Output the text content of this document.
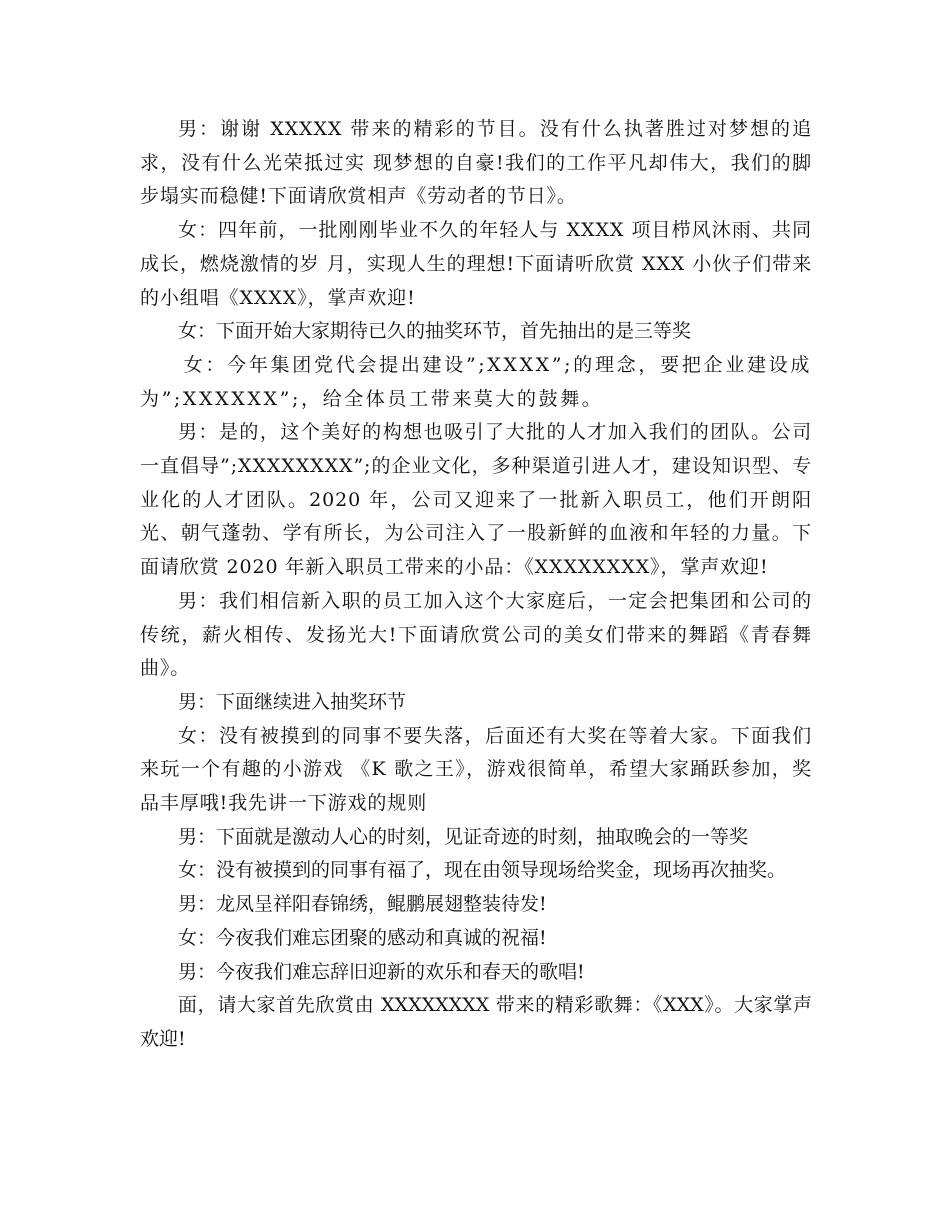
男：谢谢 XXXXX 带来的精彩的节目。没有什么执著胜过对梦想的追求，没有什么光荣抵过实 现梦想的自豪!我们的工作平凡却伟大，我们的脚步塌实而稳健!下面请欣赏相声《劳动者的节日》。

女：四年前，一批刚刚毕业不久的年轻人与 XXXX 项目栉风沐雨、共同成长，燃烧激情的岁 月，实现人生的理想!下面请听欣赏 XXX 小伙子们带来的小组唱《XXXX》，掌声欢迎!

女：下面开始大家期待已久的抽奖环节，首先抽出的是三等奖

女：今年集团党代会提出建设”;XXXX”;的理念，要把企业建设成为”;XXXXXX”;，给全体员工带来莫大的鼓舞。

男：是的，这个美好的构想也吸引了大批的人才加入我们的团队。公司一直倡导”;XXXXXXXX”;的企业文化，多种渠道引进人才，建设知识型、专业化的人才团队。2020 年，公司又迎来了一批新入职员工，他们开朗阳光、朝气蓬勃、学有所长，为公司注入了一股新鲜的血液和年轻的力量。下面请欣赏 2020 年新入职员工带来的小品：《XXXXXXXX》，掌声欢迎!

男：我们相信新入职的员工加入这个大家庭后，一定会把集团和公司的传统，薪火相传、发扬光大!下面请欣赏公司的美女们带来的舞蹈《青春舞曲》。

男：下面继续进入抽奖环节

女：没有被摸到的同事不要失落，后面还有大奖在等着大家。下面我们来玩一个有趣的小游戏 《K 歌之王》，游戏很简单，希望大家踊跃参加，奖品丰厚哦!我先讲一下游戏的规则

男：下面就是激动人心的时刻，见证奇迹的时刻，抽取晚会的一等奖

女：没有被摸到的同事有福了，现在由领导现场给奖金，现场再次抽奖。

男：龙凤呈祥阳春锦绣，鲲鹏展翅整装待发!

女：今夜我们难忘团聚的感动和真诚的祝福!

男：今夜我们难忘辞旧迎新的欢乐和春天的歌唱!

面，请大家首先欣赏由 XXXXXXXX 带来的精彩歌舞：《XXX》。大家掌声欢迎!
